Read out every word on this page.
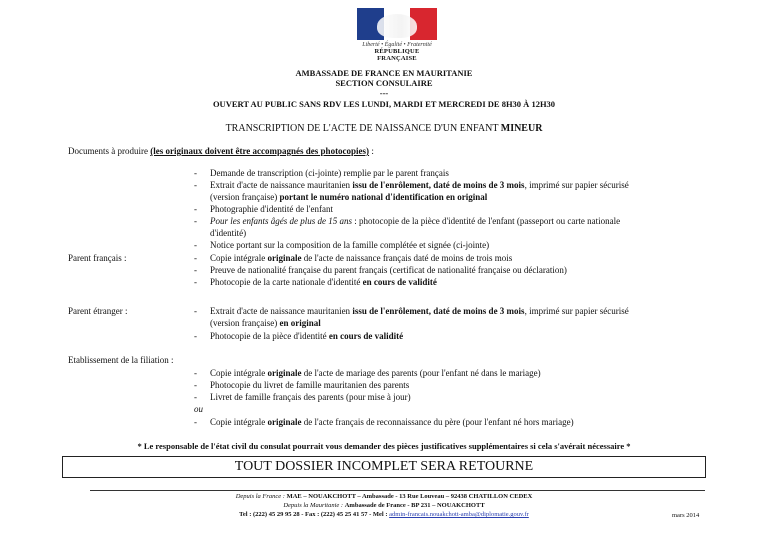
Liberté • Égalité • Fraternité
RÉPUBLIQUE FRANÇAISE
AMBASSADE DE FRANCE EN MAURITANIE
SECTION CONSULAIRE
---
OUVERT AU PUBLIC SANS RDV LES LUNDI, MARDI ET MERCREDI DE 8H30 À 12H30
TRANSCRIPTION DE L'ACTE DE NAISSANCE D'UN ENFANT MINEUR
Documents à produire (les originaux doivent être accompagnés des photocopies) :
- Demande de transcription (ci-jointe) remplie par le parent français
- Extrait d'acte de naissance mauritanien issu de l'enrôlement, daté de moins de 3 mois, imprimé sur papier sécurisé
(version française) portant le numéro national d'identification en original
- Photographie d'identité de l'enfant
- Pour les enfants âgés de plus de 15 ans : photocopie de la pièce d'identité de l'enfant (passeport ou carte nationale
d'identité)
- Notice portant sur la composition de la famille complétée et signée (ci-jointe)
Parent français :	- Copie intégrale originale de l'acte de naissance français daté de moins de trois mois
- Preuve de nationalité française du parent français (certificat de nationalité française ou déclaration)
- Photocopie de la carte nationale d'identité en cours de validité
Parent étranger :	- Extrait d'acte de naissance mauritanien issu de l'enrôlement, daté de moins de 3 mois, imprimé sur papier sécurisé
(version française) en original
- Photocopie de la pièce d'identité en cours de validité
Etablissement de la filiation :
- Copie intégrale originale de l'acte de mariage des parents (pour l'enfant né dans le mariage)
- Photocopie du livret de famille mauritanien des parents
- Livret de famille français des parents (pour mise à jour)
ou
- Copie intégrale originale de l'acte français de reconnaissance du père (pour l'enfant né hors mariage)
* Le responsable de l'état civil du consulat pourrait vous demander des pièces justificatives supplémentaires si cela s'avérait nécessaire *
TOUT DOSSIER INCOMPLET SERA RETOURNE
Depuis la France : MAE – NOUAKCHOTT – Ambassade - 13 Rue Louveau – 92438 CHATILLON CEDEX
Depuis la Mauritanie : Ambassade de France - BP 231 – NOUAKCHOTT
Tel : (222) 45 29 95 28 - Fax : (222) 45 25 41 57 - Mel : admin-francais.nouakchott-amba@diplomatie.gouv.fr	mars 2014
